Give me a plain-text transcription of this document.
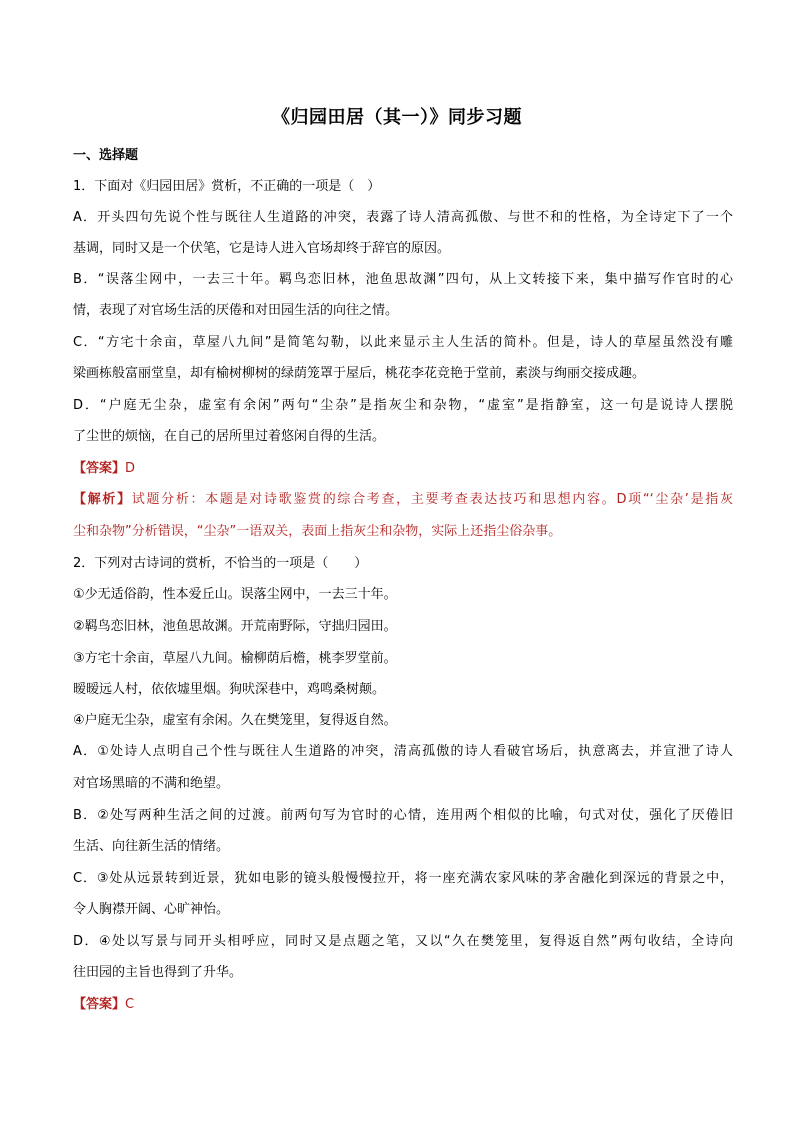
《归园田居（其一）》同步习题
一、选择题
1．下面对《归园田居》赏析，不正确的一项是（　）
A．开头四句先说个性与既往人生道路的冲突，表露了诗人清高孤傲、与世不和的性格，为全诗定下了一个
基调，同时又是一个伏笔，它是诗人进入官场却终于辞官的原因。
B．“误落尘网中，一去三十年。羁鸟恋旧林，池鱼思故渊”四句，从上文转接下来，集中描写作官时的心
情，表现了对官场生活的厌倦和对田园生活的向往之情。
C．“方宅十余亩，草屋八九间”是简笔勾勒，以此来显示主人生活的简朴。但是，诗人的草屋虽然没有雕
梁画栋般富丽堂皇，却有榆树柳树的绿荫笼罩于屋后，桃花李花竞艳于堂前，素淡与绚丽交接成趣。
D．“户庭无尘杂，虚室有余闲”两句“尘杂”是指灰尘和杂物，“虚室”是指静室，这一句是说诗人摆脱
了尘世的烦恼，在自己的居所里过着悠闲自得的生活。
【答案】D
【解析】试题分析：本题是对诗歌鉴赏的综合考查，主要考查表达技巧和思想内容。D项“‘尘杂’是指灰
尘和杂物”分析错误，“尘杂”一语双关，表面上指灰尘和杂物，实际上还指尘俗杂事。
2．下列对古诗词的赏析，不恰当的一项是（　　）
①少无适俗韵，性本爱丘山。误落尘网中，一去三十年。
②羁鸟恋旧林，池鱼思故渊。开荒南野际，守拙归园田。
③方宅十余亩，草屋八九间。榆柳荫后檐，桃李罗堂前。
暧暧远人村，依依墟里烟。狗吠深巷中，鸡鸣桑树颠。
④户庭无尘杂，虚室有余闲。久在樊笼里，复得返自然。
A．①处诗人点明自己个性与既往人生道路的冲突，清高孤傲的诗人看破官场后，执意离去，并宣泄了诗人
对官场黑暗的不满和绝望。
B．②处写两种生活之间的过渡。前两句写为官时的心情，连用两个相似的比喻，句式对仗，强化了厌倦旧
生活、向往新生活的情绪。
C．③处从远景转到近景，犹如电影的镜头般慢慢拉开，将一座充满农家风味的茅舍融化到深远的背景之中，
令人胸襟开阔、心旷神怡。
D．④处以写景与同开头相呼应，同时又是点题之笔，又以“久在樊笼里，复得返自然”两句收结，全诗向
往田园的主旨也得到了升华。
【答案】C
